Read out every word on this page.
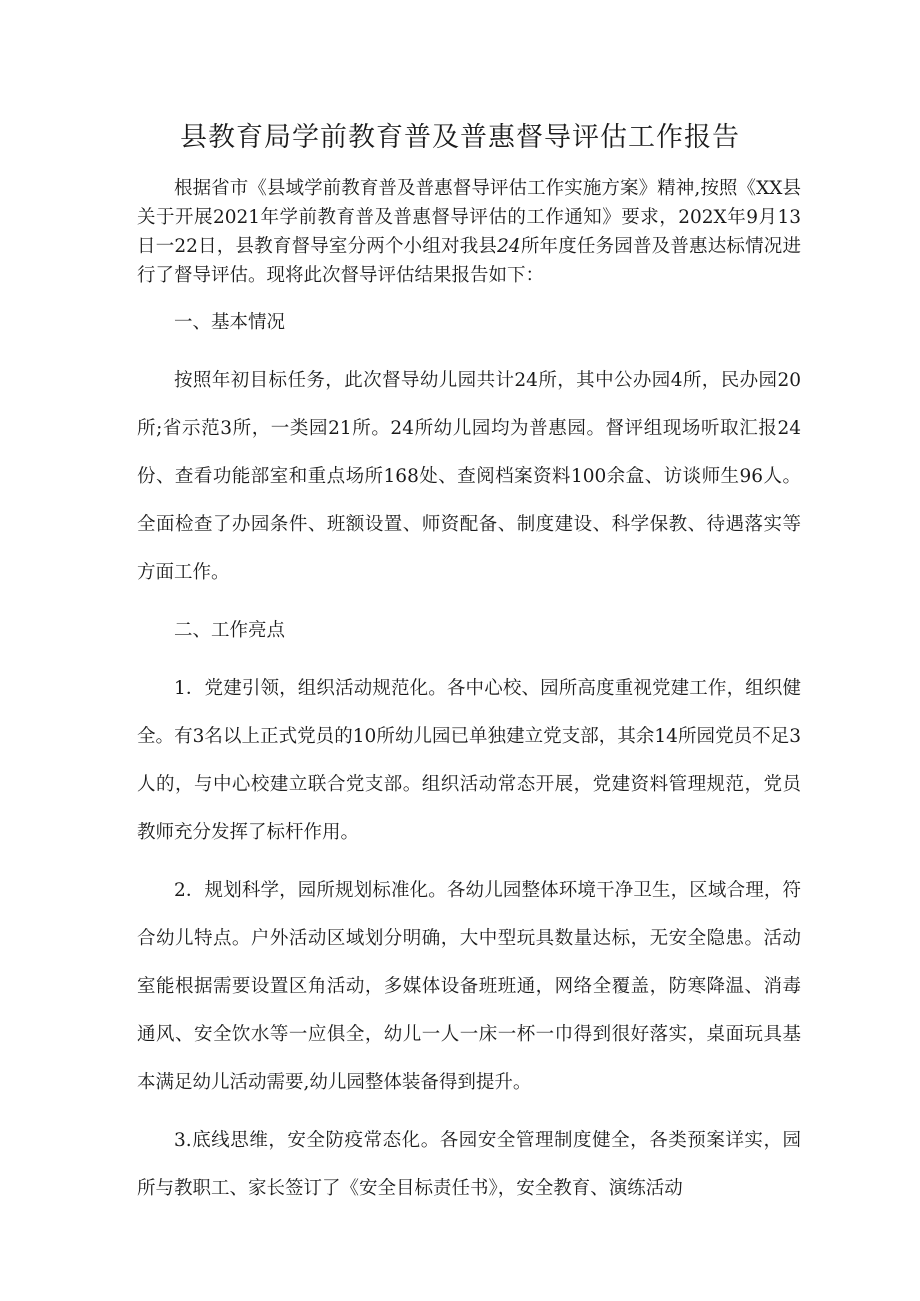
县教育局学前教育普及普惠督导评估工作报告

根据省市《县域学前教育普及普惠督导评估工作实施方案》精神,按照《XX县关于开展2021年学前教育普及普惠督导评估的工作通知》要求，202X年9月13日一22日，县教育督导室分两个小组对我县24所年度任务园普及普惠达标情况进行了督导评估。现将此次督导评估结果报告如下：

一、基本情况

按照年初目标任务，此次督导幼儿园共计24所，其中公办园4所，民办园20所;省示范3所，一类园21所。24所幼儿园均为普惠园。督评组现场听取汇报24份、查看功能部室和重点场所168处、查阅档案资料100余盒、访谈师生96人。全面检查了办园条件、班额设置、师资配备、制度建设、科学保教、待遇落实等方面工作。

二、工作亮点

1．党建引领，组织活动规范化。各中心校、园所高度重视党建工作，组织健全。有3名以上正式党员的10所幼儿园已单独建立党支部，其余14所园党员不足3人的，与中心校建立联合党支部。组织活动常态开展，党建资料管理规范，党员教师充分发挥了标杆作用。

2．规划科学，园所规划标准化。各幼儿园整体环境干净卫生，区域合理，符合幼儿特点。户外活动区域划分明确，大中型玩具数量达标，无安全隐患。活动室能根据需要设置区角活动，多媒体设备班班通，网络全覆盖，防寒降温、消毒通风、安全饮水等一应俱全，幼儿一人一床一杯一巾得到很好落实，桌面玩具基本满足幼儿活动需要,幼儿园整体装备得到提升。

3.底线思维，安全防疫常态化。各园安全管理制度健全，各类预案详实，园所与教职工、家长签订了《安全目标责任书》，安全教育、演练活动
